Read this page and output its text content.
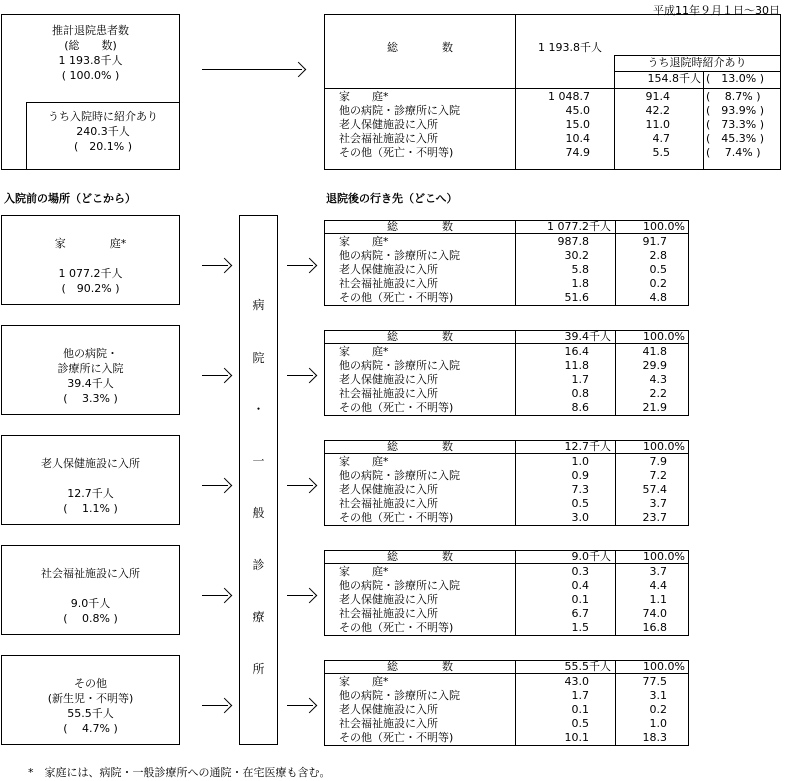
平成11年９月１日～30日
推計退院患者数
(総　　数)
1 193.8千人
( 100.0% )
うち入院時に紹介あり
240.3千人
(　20.1% )
総　　　　数	1 193.8千人
うち退院時紹介あり
154.8千人 (　13.0% )
家　　庭*	1 048.7	91.4	(　 8.7% )
他の病院・診療所に入院	45.0	42.2	(　93.9% )
老人保健施設に入所	15.0	11.0	(　73.3% )
社会福祉施設に入所	10.4	4.7	(　45.3% )
その他（死亡・不明等)	74.9	5.5	(　 7.4% )
入院前の場所（どこから）	退院後の行き先（どこへ）
病
院
・
一
般
診
療
所
家　　　　庭*
1 077.2千人
(　90.2% )
総　　　　数	1 077.2千人	100.0%
家　　庭*	987.8	91.7
他の病院・診療所に入院	30.2	2.8
老人保健施設に入所	5.8	0.5
社会福祉施設に入所	1.8	0.2
その他（死亡・不明等)	51.6	4.8
他の病院・
診療所に入院
39.4千人
(　 3.3% )
総　　　　数	39.4千人	100.0%
家　　庭*	16.4	41.8
他の病院・診療所に入院	11.8	29.9
老人保健施設に入所	1.7	4.3
社会福祉施設に入所	0.8	2.2
その他（死亡・不明等)	8.6	21.9
老人保健施設に入所
12.7千人
(　 1.1% )
総　　　　数	12.7千人	100.0%
家　　庭*	1.0	7.9
他の病院・診療所に入院	0.9	7.2
老人保健施設に入所	7.3	57.4
社会福祉施設に入所	0.5	3.7
その他（死亡・不明等)	3.0	23.7
社会福祉施設に入所
9.0千人
(　 0.8% )
総　　　　数	9.0千人	100.0%
家　　庭*	0.3	3.7
他の病院・診療所に入院	0.4	4.4
老人保健施設に入所	0.1	1.1
社会福祉施設に入所	6.7	74.0
その他（死亡・不明等)	1.5	16.8
その他
(新生児・不明等)
55.5千人
(　 4.7% )
総　　　　数	55.5千人	100.0%
家　　庭*	43.0	77.5
他の病院・診療所に入院	1.7	3.1
老人保健施設に入所	0.1	0.2
社会福祉施設に入所	0.5	1.0
その他（死亡・不明等)	10.1	18.3
*　家庭には、病院・一般診療所への通院・在宅医療も含む。
